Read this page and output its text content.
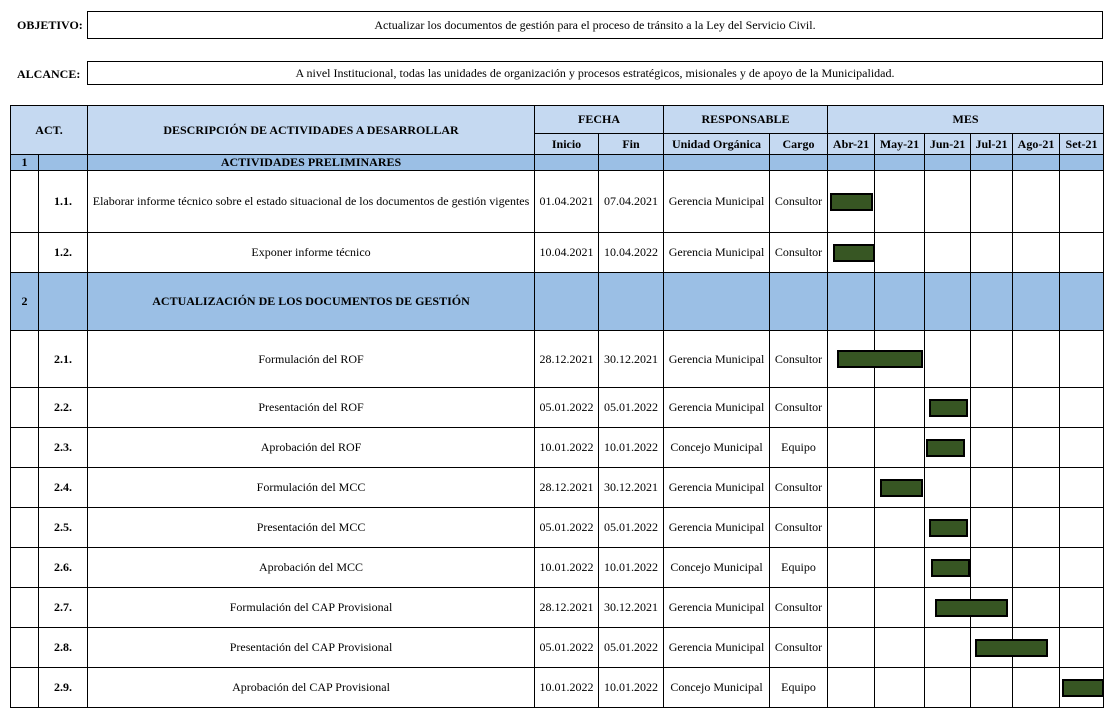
OBJETIVO:	Actualizar los documentos de gestión para el proceso de tránsito a la Ley del Servicio Civil.
ALCANCE:	A nivel Institucional, todas las unidades de organización y procesos estratégicos, misionales y de apoyo de la Municipalidad.
ACT.		DESCRIPCIÓN DE ACTIVIDADES A DESARROLLAR	FECHA		RESPONSABLE		MES					
			Inicio	Fin	Unidad Orgánica	Cargo	Abr-21	May-21	Jun-21	Jul-21	Ago-21	Set-21
1		ACTIVIDADES PRELIMINARES										
	1.1.	Elaborar informe técnico sobre el estado situacional de los documentos de gestión vigentes	01.04.2021	07.04.2021	Gerencia Municipal	Consultor	

	1.2.	Exponer informe técnico	10.04.2021	10.04.2022	Gerencia Municipal	Consultor	

2		ACTUALIZACIÓN DE LOS DOCUMENTOS DE GESTIÓN										
	2.1.	Formulación del ROF	28.12.2021	30.12.2021	Gerencia Municipal	Consultor	

	2.2.	Presentación del ROF	05.01.2022	05.01.2022	Gerencia Municipal	Consultor			

	2.3.	Aprobación del ROF	10.01.2022	10.01.2022	Concejo Municipal	Equipo			

	2.4.	Formulación del MCC	28.12.2021	30.12.2021	Gerencia Municipal	Consultor		

	2.5.	Presentación del MCC	05.01.2022	05.01.2022	Gerencia Municipal	Consultor			

	2.6.	Aprobación del MCC	10.01.2022	10.01.2022	Concejo Municipal	Equipo			

	2.7.	Formulación del CAP Provisional	28.12.2021	30.12.2021	Gerencia Municipal	Consultor			

	2.8.	Presentación del CAP Provisional	05.01.2022	05.01.2022	Gerencia Municipal	Consultor				

	2.9.	Aprobación del CAP Provisional	10.01.2022	10.01.2022	Concejo Municipal	Equipo						
